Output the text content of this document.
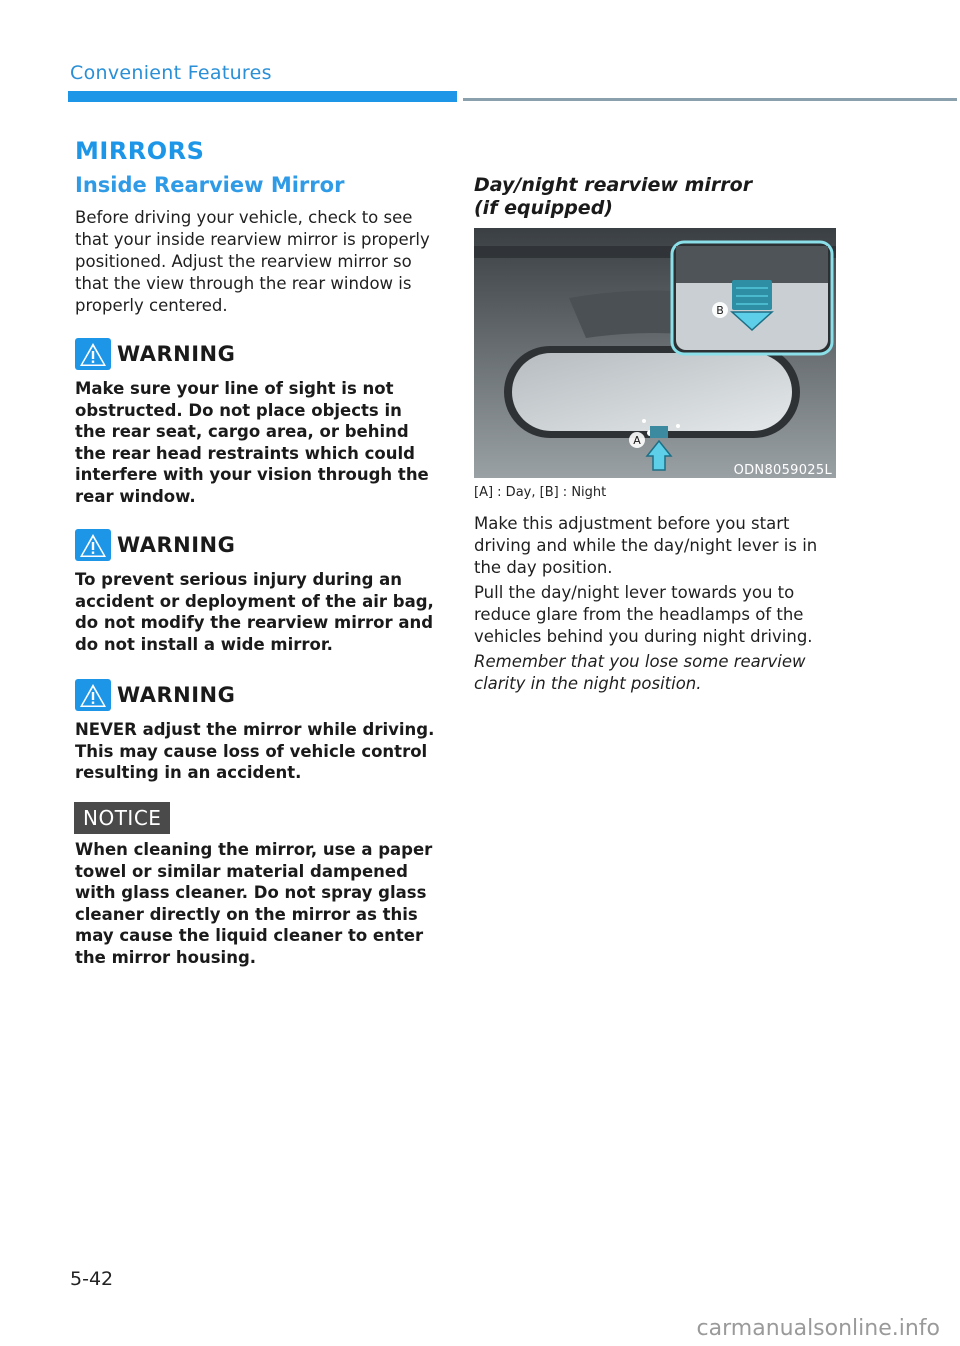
Convenient Features
MIRRORS
Inside Rearview Mirror

Before driving your vehicle, check to see that your inside rearview mirror is properly positioned. Adjust the rearview mirror so that the view through the rear window is properly centered.

WARNING

Make sure your line of sight is not obstructed. Do not place objects in the rear seat, cargo area, or behind the rear head restraints which could interfere with your vision through the rear window.

WARNING

To prevent serious injury during an accident or deployment of the air bag, do not modify the rearview mirror and do not install a wide mirror.

WARNING

NEVER adjust the mirror while driving. This may cause loss of vehicle control resulting in an accident.

NOTICE

When cleaning the mirror, use a paper towel or similar material dampened with glass cleaner. Do not spray glass cleaner directly on the mirror as this may cause the liquid cleaner to enter the mirror housing.

Day/night rearview mirror
(if equipped)
A
B
ODN8059025L
[A] : Day, [B] : Night

Make this adjustment before you start driving and while the day/night lever is in the day position.

Pull the day/night lever towards you to reduce glare from the headlamps of the vehicles behind you during night driving.

Remember that you lose some rearview clarity in the night position.

5-42
carmanualsonline.info
